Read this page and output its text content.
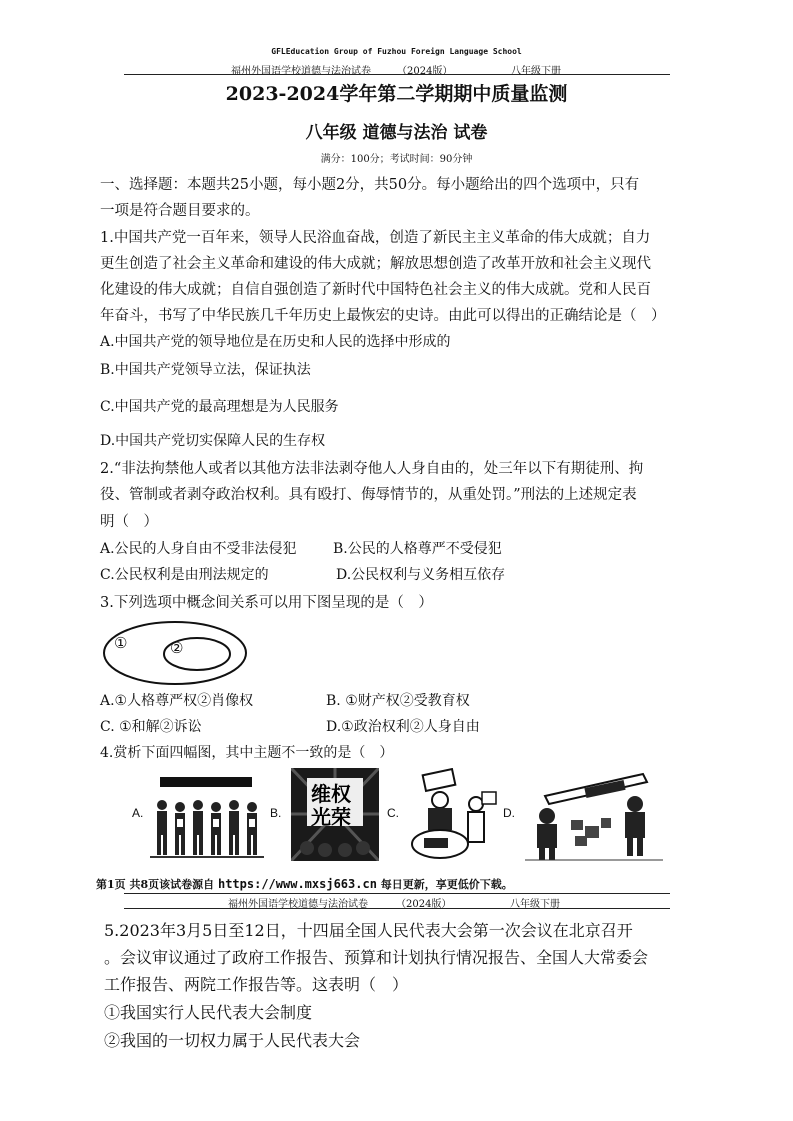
GFLEducation Group of Fuzhou Foreign Language School
福州外国语学校道德与法治试卷	（2024版）	八年级下册
2023-2024学年第二学期期中质量监测
八年级 道德与法治 试卷
满分：100分；考试时间：90分钟
一、选择题：本题共25小题，每小题2分，共50分。每小题给出的四个选项中，只有
一项是符合题目要求的。
1.中国共产党一百年来，领导人民浴血奋战，创造了新民主主义革命的伟大成就；自力
更生创造了社会主义革命和建设的伟大成就；解放思想创造了改革开放和社会主义现代
化建设的伟大成就；自信自强创造了新时代中国特色社会主义的伟大成就。党和人民百
年奋斗，书写了中华民族几千年历史上最恢宏的史诗。由此可以得出的正确结论是（　）
A.中国共产党的领导地位是在历史和人民的选择中形成的
B.中国共产党领导立法，保证执法
C.中国共产党的最高理想是为人民服务
D.中国共产党切实保障人民的生存权
2.“非法拘禁他人或者以其他方法非法剥夺他人人身自由的，处三年以下有期徒刑、拘
役、管制或者剥夺政治权利。具有殴打、侮辱情节的，从重处罚。”刑法的上述规定表
明（　）
A.公民的人身自由不受非法侵犯	B.公民的人格尊严不受侵犯
C.公民权利是由刑法规定的	D.公民权利与义务相互依存
3.下列选项中概念间关系可以用下图呈现的是（　）
①	②
A.①人格尊严权②肖像权	B. ①财产权②受教育权
C. ①和解②诉讼	D.①政治权利②人身自由
4.赏析下面四幅图，其中主题不一致的是（　）
A.	B.
维权
光荣	C.	D.
第1页 共8页该试卷源自 https://www.mxsj663.cn 每日更新，享更低价下载。
福州外国语学校道德与法治试卷	（2024版）	八年级下册
5.2023年3月5日至12日，十四届全国人民代表大会第一次会议在北京召开
。会议审议通过了政府工作报告、预算和计划执行情况报告、全国人大常委会
工作报告、两院工作报告等。这表明（　）
①我国实行人民代表大会制度
②我国的一切权力属于人民代表大会
